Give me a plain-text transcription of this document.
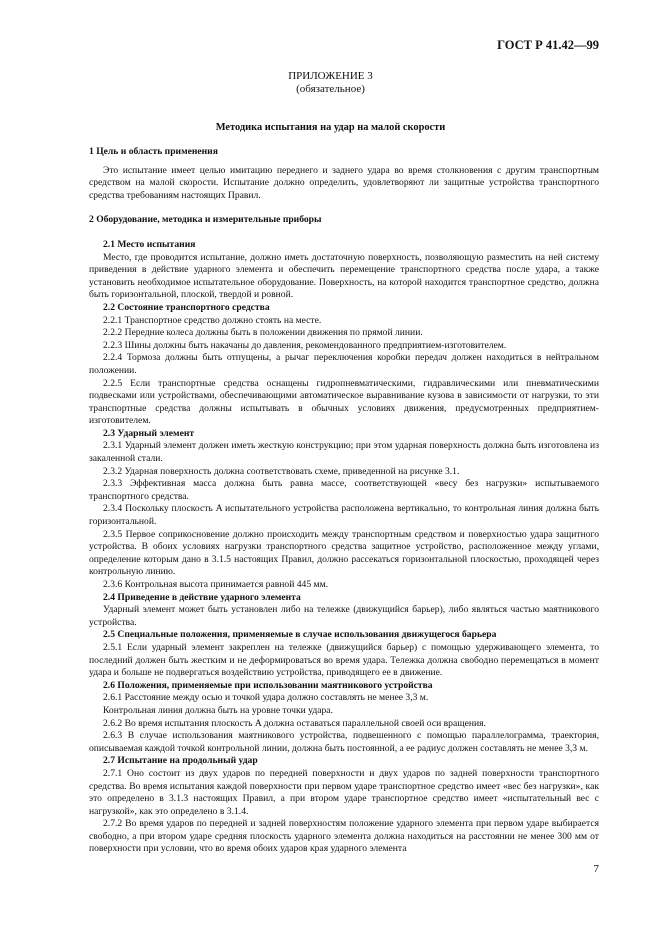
ГОСТ Р 41.42—99
ПРИЛОЖЕНИЕ 3
(обязательное)
Методика испытания на удар на малой скорости
1 Цель и область применения
Это испытание имеет целью имитацию переднего и заднего удара во время столкновения с другим транспортным средством на малой скорости. Испытание должно определить, удовлетворяют ли защитные устройства транспортного средства требованиям настоящих Правил.
2 Оборудование, методика и измерительные приборы
2.1 Место испытания
Место, где проводится испытание, должно иметь достаточную поверхность, позволяющую разместить на ней систему приведения в действие ударного элемента и обеспечить перемещение транспортного средства после удара, а также установить необходимое испытательное оборудование. Поверхность, на которой находится транспортное средство, должна быть горизонтальной, плоской, твердой и ровной.
2.2 Состояние транспортного средства
2.2.1 Транспортное средство должно стоять на месте.
2.2.2 Передние колеса должны быть в положении движения по прямой линии.
2.2.3 Шины должны быть накачаны до давления, рекомендованного предприятием-изготовителем.
2.2.4 Тормоза должны быть отпущены, а рычаг переключения коробки передач должен находиться в нейтральном положении.
2.2.5 Если транспортные средства оснащены гидропневматическими, гидравлическими или пневматическими подвесками или устройствами, обеспечивающими автоматическое выравнивание кузова в зависимости от нагрузки, то эти транспортные средства должны испытывать в обычных условиях движения, предусмотренных предприятием-изготовителем.
2.3 Ударный элемент
2.3.1 Ударный элемент должен иметь жесткую конструкцию; при этом ударная поверхность должна быть изготовлена из закаленной стали.
2.3.2 Ударная поверхность должна соответствовать схеме, приведенной на рисунке 3.1.
2.3.3 Эффективная масса должна быть равна массе, соответствующей «весу без нагрузки» испытываемого транспортного средства.
2.3.4 Поскольку плоскость A испытательного устройства расположена вертикально, то контрольная линия должна быть горизонтальной.
2.3.5 Первое соприкосновение должно происходить между транспортным средством и поверхностью удара защитного устройства. В обоих условиях нагрузки транспортного средства защитное устройство, расположенное между углами, определение которым дано в 3.1.5 настоящих Правил, должно рассекаться горизонтальной плоскостью, проходящей через контрольную линию.
2.3.6 Контрольная высота принимается равной 445 мм.
2.4 Приведение в действие ударного элемента
Ударный элемент может быть установлен либо на тележке (движущийся барьер), либо являться частью маятникового устройства.
2.5 Специальные положения, применяемые в случае использования движущегося барьера
2.5.1 Если ударный элемент закреплен на тележке (движущийся барьер) с помощью удерживающего элемента, то последний должен быть жестким и не деформироваться во время удара. Тележка должна свободно перемещаться в момент удара и больше не подвергаться воздействию устройства, приводящего ее в движение.
2.6 Положения, применяемые при использовании маятникового устройства
2.6.1 Расстояние между осью и точкой удара должно составлять не менее 3,3 м.
Контрольная линия должна быть на уровне точки удара.
2.6.2 Во время испытания плоскость A должна оставаться параллельной своей оси вращения.
2.6.3 В случае использования маятникового устройства, подвешенного с помощью параллелограмма, траектория, описываемая каждой точкой контрольной линии, должна быть постоянной, а ее радиус должен составлять не менее 3,3 м.
2.7 Испытание на продольный удар
2.7.1 Оно состоит из двух ударов по передней поверхности и двух ударов по задней поверхности транспортного средства. Во время испытания каждой поверхности при первом ударе транспортное средство имеет «вес без нагрузки», как это определено в 3.1.3 настоящих Правил, а при втором ударе транспортное средство имеет «испытательный вес с нагрузкой», как это определено в 3.1.4.
2.7.2 Во время ударов по передней и задней поверхностям положение ударного элемента при первом ударе выбирается свободно, а при втором ударе средняя плоскость ударного элемента должна находиться на расстоянии не менее 300 мм от поверхности при условии, что во время обоих ударов края ударного элемента
7
